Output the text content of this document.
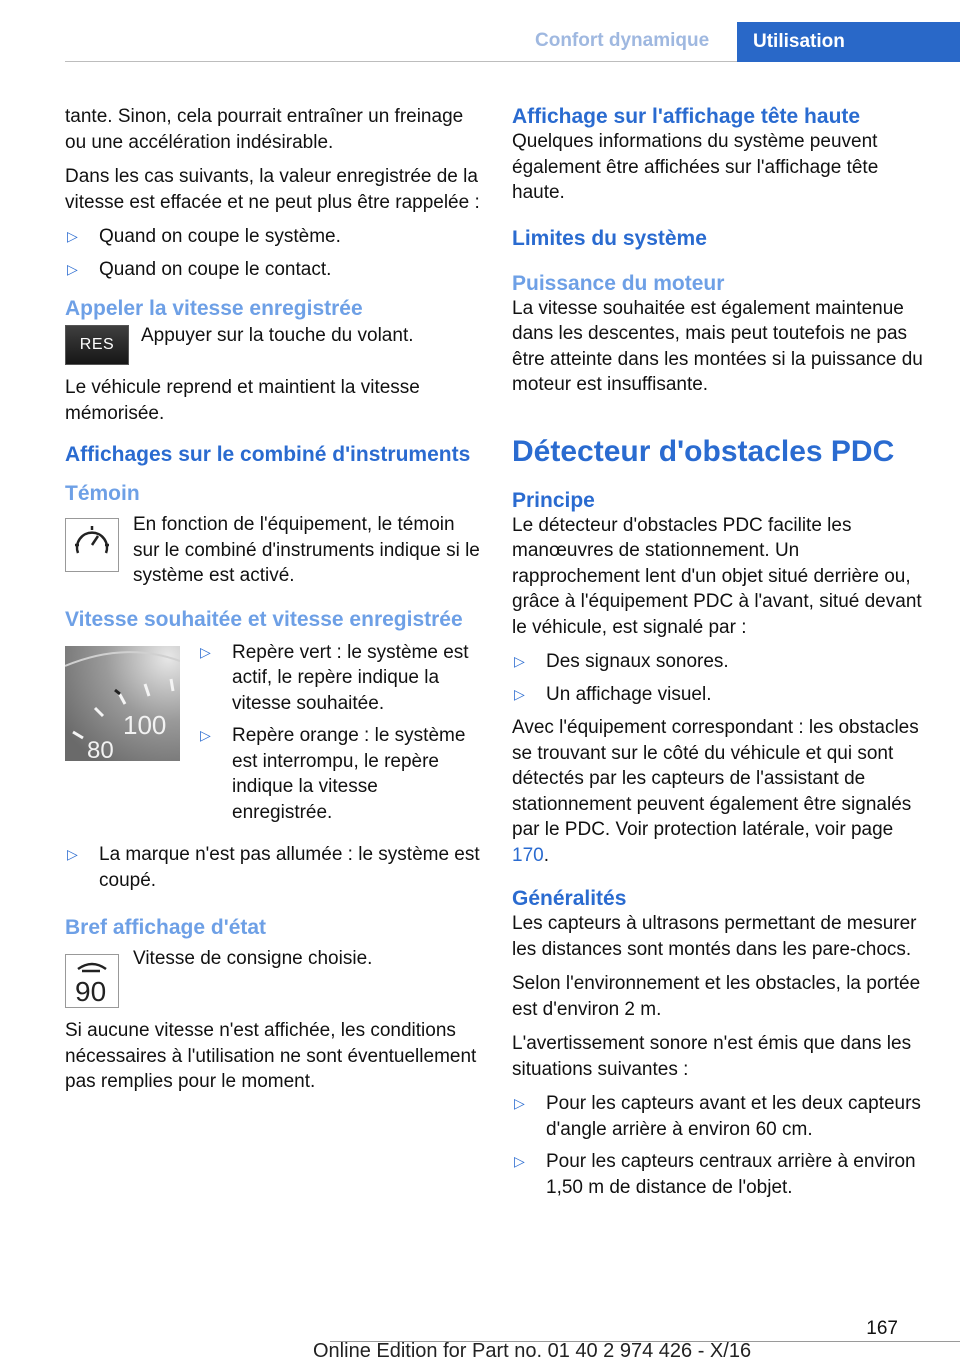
Confort dynamique	Utilisation

tante. Sinon, cela pourrait entraîner un freinage ou une accélération indésirable.

Dans les cas suivants, la valeur enregistrée de la vitesse est effacée et ne peut plus être rappelée :

▷ Quand on coupe le système.
▷ Quand on coupe le contact.
Appeler la vitesse enregistrée
RES	Appuyer sur la touche du volant.

Le véhicule reprend et maintient la vitesse mémorisée.

Affichages sur le combiné d'instruments
Témoin
En fonction de l'équipement, le témoin sur le combiné d'instruments indique si le système est activé.
Vitesse souhaitée et vitesse enregistrée
100
80
▷ Repère vert : le système est actif, le repère indique la vitesse souhaitée.
▷ Repère orange : le système est interrompu, le repère indique la vitesse enregistrée.
▷ La marque n'est pas allumée : le système est coupé.
Bref affichage d'état
90
Vitesse de consigne choisie.

Si aucune vitesse n'est affichée, les conditions nécessaires à l'utilisation ne sont éventuellement pas remplies pour le moment.

Affichage sur l'affichage tête haute

Quelques informations du système peuvent également être affichées sur l'affichage tête haute.

Limites du système
Puissance du moteur

La vitesse souhaitée est également maintenue dans les descentes, mais peut toutefois ne pas être atteinte dans les montées si la puissance du moteur est insuffisante.

Détecteur d'obstacles PDC
Principe

Le détecteur d'obstacles PDC facilite les manœuvres de stationnement. Un rapprochement lent d'un objet situé derrière ou, grâce à l'équipement PDC à l'avant, situé devant le véhicule, est signalé par :

▷ Des signaux sonores.
▷ Un affichage visuel.

Avec l'équipement correspondant : les obstacles se trouvant sur le côté du véhicule et qui sont détectés par les capteurs de l'assistant de stationnement peuvent également être signalés par le PDC. Voir protection latérale, voir page 170.

Généralités

Les capteurs à ultrasons permettant de mesurer les distances sont montés dans les pare-chocs.

Selon l'environnement et les obstacles, la portée est d'environ 2 m.

L'avertissement sonore n'est émis que dans les situations suivantes :

▷ Pour les capteurs avant et les deux capteurs d'angle arrière à environ 60 cm.
▷ Pour les capteurs centraux arrière à environ 1,50 m de distance de l'objet.
167
Online Edition for Part no. 01 40 2 974 426 - X/16
